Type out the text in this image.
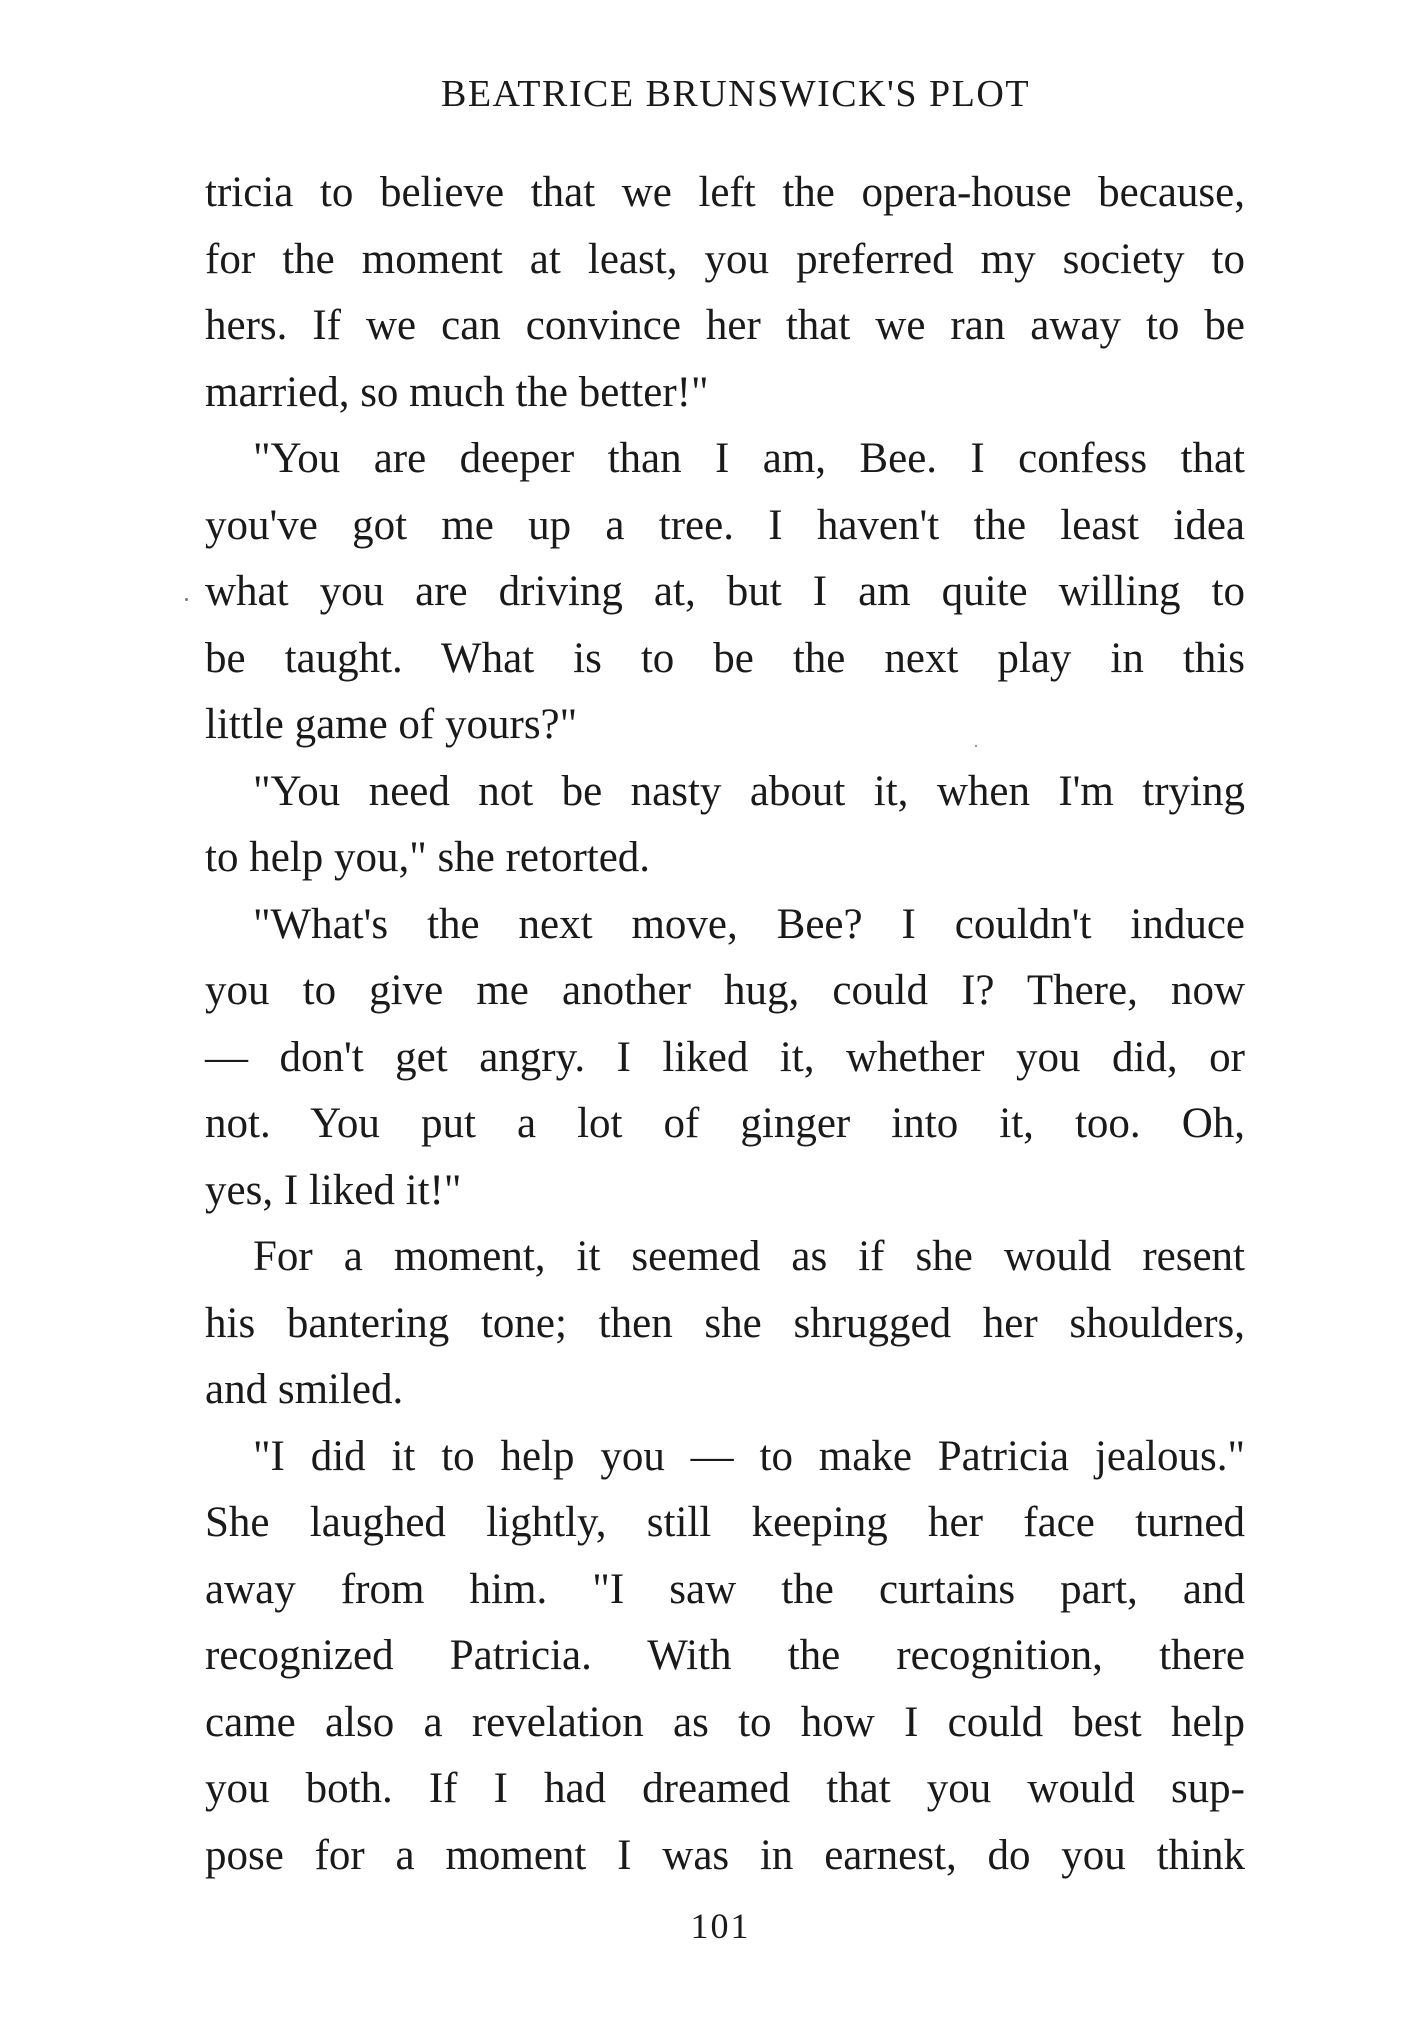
BEATRICE BRUNSWICK'S PLOT
tricia to believe that we left the opera-house because,
for the moment at least, you preferred my society to
hers. If we can convince her that we ran away to be
married, so much the better!"
"You are deeper than I am, Bee. I confess that
you've got me up a tree. I haven't the least idea
what you are driving at, but I am quite willing to
be taught. What is to be the next play in this
little game of yours?"
"You need not be nasty about it, when I'm trying
to help you," she retorted.
"What's the next move, Bee? I couldn't induce
you to give me another hug, could I? There, now
— don't get angry. I liked it, whether you did, or
not. You put a lot of ginger into it, too. Oh,
yes, I liked it!"
For a moment, it seemed as if she would resent
his bantering tone; then she shrugged her shoulders,
and smiled.
"I did it to help you — to make Patricia jealous."
She laughed lightly, still keeping her face turned
away from him. "I saw the curtains part, and
recognized Patricia. With the recognition, there
came also a revelation as to how I could best help
you both. If I had dreamed that you would sup-
pose for a moment I was in earnest, do you think
101
